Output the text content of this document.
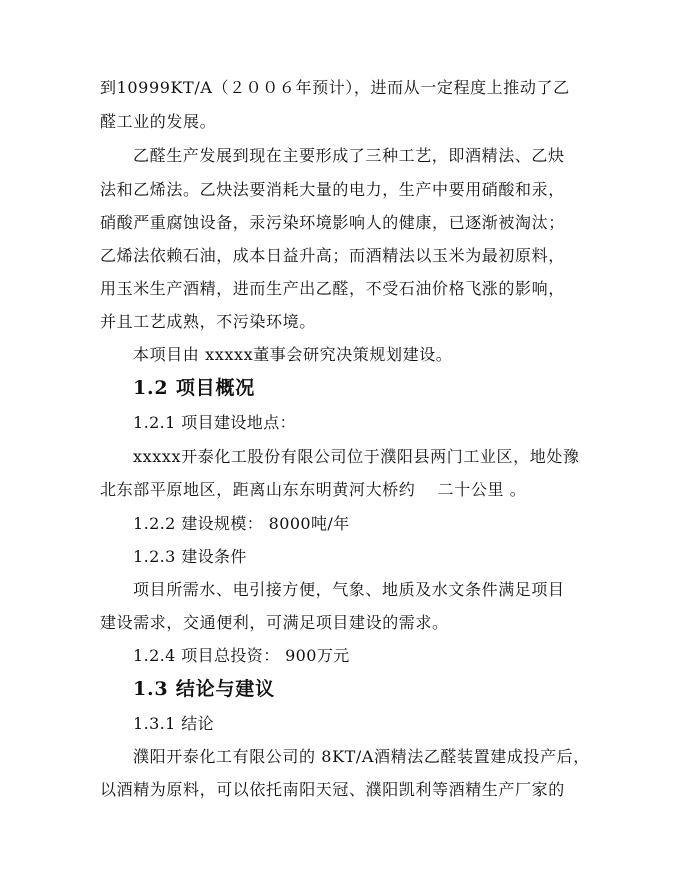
到10999KT/A（２００６年预计），进而从一定程度上推动了乙
醛工业的发展。
乙醛生产发展到现在主要形成了三种工艺，即酒精法、乙炔
法和乙烯法。乙炔法要消耗大量的电力，生产中要用硝酸和汞，
硝酸严重腐蚀设备，汞污染环境影响人的健康，已逐渐被淘汰；
乙烯法依赖石油，成本日益升高；而酒精法以玉米为最初原料，
用玉米生产酒精，进而生产出乙醛，不受石油价格飞涨的影响，
并且工艺成熟，不污染环境。
本项目由 xxxxx董事会研究决策规划建设。
1.2 项目概况
1.2.1 项目建设地点：
xxxxx开泰化工股份有限公司位于濮阳县两门工业区，地处豫
北东部平原地区，距离山东东明黄河大桥约　 二十公里 。
1.2.2 建设规模： 8000吨/年
1.2.3 建设条件
项目所需水、电引接方便，气象、地质及水文条件满足项目
建设需求，交通便利，可满足项目建设的需求。
1.2.4 项目总投资： 900万元
1.3 结论与建议
1.3.1 结论
濮阳开泰化工有限公司的 8KT/A酒精法乙醛装置建成投产后，
以酒精为原料，可以依托南阳天冠、濮阳凯利等酒精生产厂家的
